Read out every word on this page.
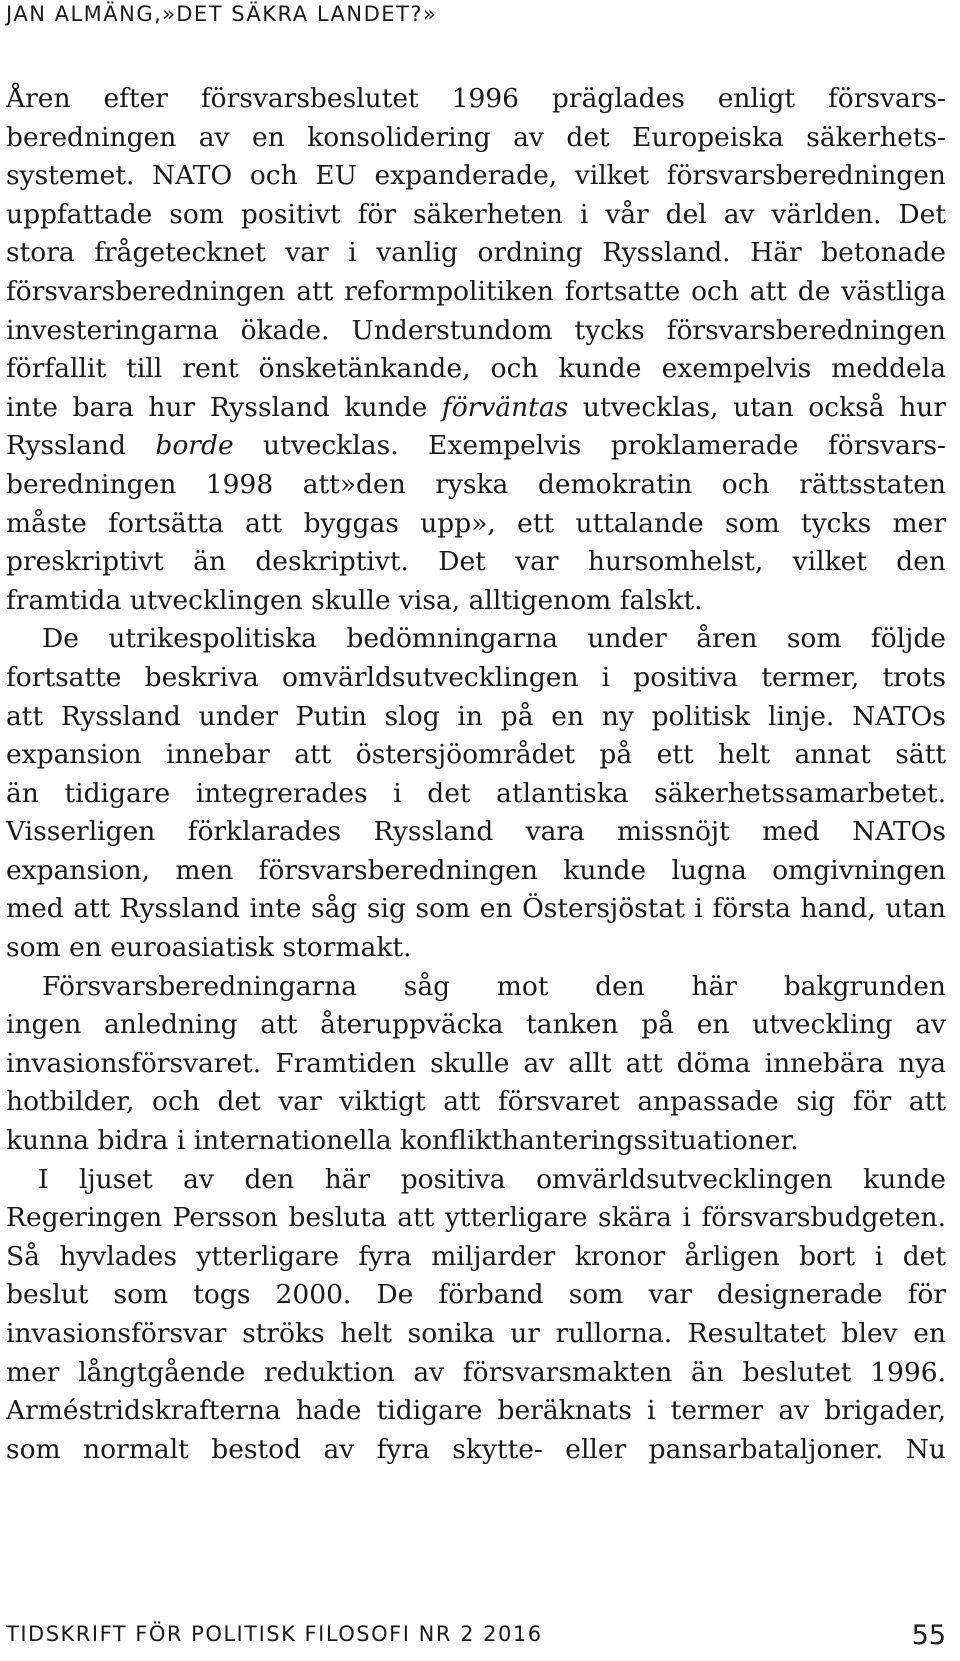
JAN ALMÄNG,»DET SÄKRA LANDET?»
Åren efter försvarsbeslutet 1996 präglades enligt försvars-
beredningen av en konsolidering av det Europeiska säkerhets-
systemet. NATO och EU expanderade, vilket försvarsberedningen
uppfattade som positivt för säkerheten i vår del av världen. Det
stora frågetecknet var i vanlig ordning Ryssland. Här betonade
försvarsberedningen att reformpolitiken fortsatte och att de västliga
investeringarna ökade. Understundom tycks försvarsberedningen
förfallit till rent önsketänkande, och kunde exempelvis meddela
inte bara hur Ryssland kunde förväntas utvecklas, utan också hur
Ryssland borde utvecklas. Exempelvis proklamerade försvars-
beredningen 1998 att»den ryska demokratin och rättsstaten
måste fortsätta att byggas upp», ett uttalande som tycks mer
preskriptivt än deskriptivt. Det var hursomhelst, vilket den
framtida utvecklingen skulle visa, alltigenom falskt.
De utrikespolitiska bedömningarna under åren som följde
fortsatte beskriva omvärldsutvecklingen i positiva termer, trots
att Ryssland under Putin slog in på en ny politisk linje. NATOs
expansion innebar att östersjöområdet på ett helt annat sätt
än tidigare integrerades i det atlantiska säkerhetssamarbetet.
Visserligen förklarades Ryssland vara missnöjt med NATOs
expansion, men försvarsberedningen kunde lugna omgivningen
med att Ryssland inte såg sig som en Östersjöstat i första hand, utan
som en euroasiatisk stormakt.
Försvarsberedningarna såg mot den här bakgrunden
ingen anledning att återuppväcka tanken på en utveckling av
invasionsförsvaret. Framtiden skulle av allt att döma innebära nya
hotbilder, och det var viktigt att försvaret anpassade sig för att
kunna bidra i internationella konflikthanteringssituationer.
I ljuset av den här positiva omvärldsutvecklingen kunde
Regeringen Persson besluta att ytterligare skära i försvarsbudgeten.
Så hyvlades ytterligare fyra miljarder kronor årligen bort i det
beslut som togs 2000. De förband som var designerade för
invasionsförsvar ströks helt sonika ur rullorna. Resultatet blev en
mer långtgående reduktion av försvarsmakten än beslutet 1996.
Arméstridskrafterna hade tidigare beräknats i termer av brigader,
som normalt bestod av fyra skytte- eller pansarbataljoner. Nu
TIDSKRIFT FÖR POLITISK FILOSOFI NR 2 2016	55
